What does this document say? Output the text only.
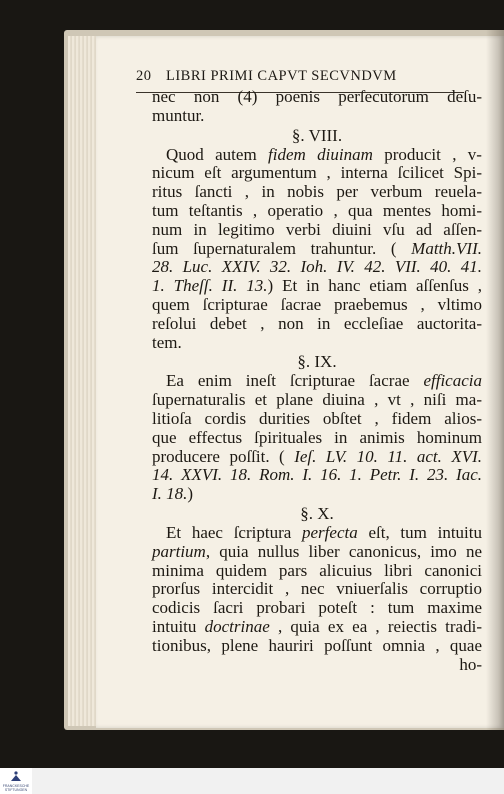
20 LIBRI PRIMI CAPVT SECVNDVM
nec non (4) poenis perſecutorum deſu-
muntur.
§. VIII.
Quod autem fidem diuinam producit , v-
nicum eſt argumentum , interna ſcilicet Spi-
ritus ſancti , in nobis per verbum reuela-
tum teſtantis , operatio , qua mentes homi-
num in legitimo verbi diuini vſu ad aſſen-
ſum ſupernaturalem trahuntur. ( Matth.VII.
28. Luc. XXIV. 32. Ioh. IV. 42. VII. 40. 41.
1. Theſſ. II. 13.) Et in hanc etiam aſſenſus ,
quem ſcripturae ſacrae praebemus , vltimo
reſolui debet , non in eccleſiae auctorita-
tem.
§. IX.
Ea enim ineſt ſcripturae ſacrae efficacia
ſupernaturalis et plane diuina , vt , niſi ma-
litioſa cordis durities obſtet , fidem alios-
que effectus ſpirituales in animis hominum
producere poſſit. ( Ieſ. LV. 10. 11. act. XVI.
14. XXVI. 18. Rom. I. 16. 1. Petr. I. 23. Iac.
I. 18.)
§. X.
Et haec ſcriptura perfecta eſt, tum intuitu
partium, quia nullus liber canonicus, imo ne
minima quidem pars alicuius libri canonici
prorſus intercidit , nec vniuerſalis corruptio
codicis ſacri probari poteſt : tum maxime
intuitu doctrinae , quia ex ea , reiectis tradi-
tionibus, plene hauriri poſſunt omnia , quae
ho-
FRANCKESCHE STIFTUNGEN
